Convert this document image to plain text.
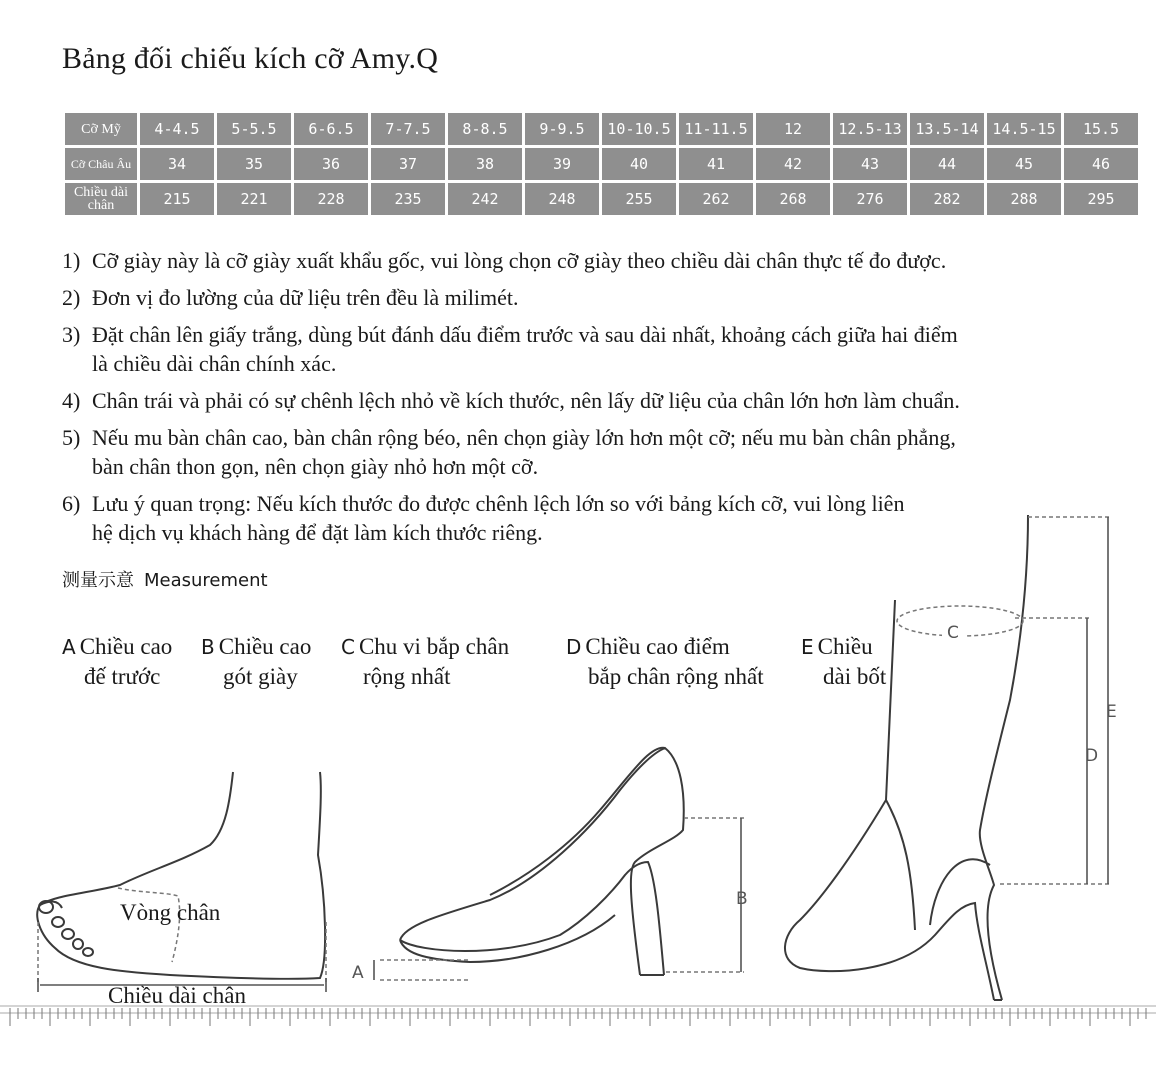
Bảng đối chiếu kích cỡ Amy.Q
Cỡ Mỹ	4-4.5	5-5.5	6-6.5	7-7.5	8-8.5	9-9.5	10-10.5	11-11.5	12	12.5-13	13.5-14	14.5-15	15.5
Cỡ Châu Âu	34	35	36	37	38	39	40	41	42	43	44	45	46
Chiều dài chân	215	221	228	235	242	248	255	262	268	276	282	288	295
1) Cỡ giày này là cỡ giày xuất khẩu gốc, vui lòng chọn cỡ giày theo chiều dài chân thực tế đo được.
2) Đơn vị đo lường của dữ liệu trên đều là milimét.
3) Đặt chân lên giấy trắng, dùng bút đánh dấu điểm trước và sau dài nhất, khoảng cách giữa hai điểm
là chiều dài chân chính xác.
4) Chân trái và phải có sự chênh lệch nhỏ về kích thước, nên lấy dữ liệu của chân lớn hơn làm chuẩn.
5) Nếu mu bàn chân cao, bàn chân rộng béo, nên chọn giày lớn hơn một cỡ; nếu mu bàn chân phẳng,
bàn chân thon gọn, nên chọn giày nhỏ hơn một cỡ.
6) Lưu ý quan trọng: Nếu kích thước đo được chênh lệch lớn so với bảng kích cỡ, vui lòng liên
hệ dịch vụ khách hàng để đặt làm kích thước riêng.
测量示意 Measurement
A Chiều cao
đế trước
B Chiều cao
gót giày
C Chu vi bắp chân
rộng nhất
D Chiều cao điểm
bắp chân rộng nhất
E Chiều
dài bốt
Vòng chân
Chiều dài chân
A
B
C
E
D
